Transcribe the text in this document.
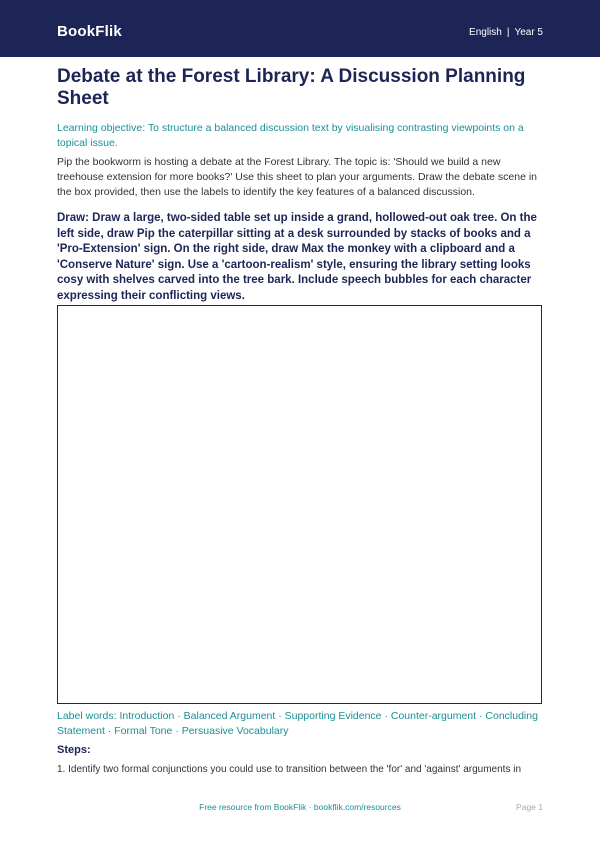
BookFlik	English | Year 5
Debate at the Forest Library: A Discussion Planning Sheet
Learning objective: To structure a balanced discussion text by visualising contrasting viewpoints on a topical issue.
Pip the bookworm is hosting a debate at the Forest Library. The topic is: 'Should we build a new treehouse extension for more books?' Use this sheet to plan your arguments. Draw the debate scene in the box provided, then use the labels to identify the key features of a balanced discussion.
Draw: Draw a large, two-sided table set up inside a grand, hollowed-out oak tree. On the left side, draw Pip the caterpillar sitting at a desk surrounded by stacks of books and a 'Pro-Extension' sign. On the right side, draw Max the monkey with a clipboard and a 'Conserve Nature' sign. Use a 'cartoon-realism' style, ensuring the library setting looks cosy with shelves carved into the tree bark. Include speech bubbles for each character expressing their conflicting views.
Label words: Introduction · Balanced Argument · Supporting Evidence · Counter-argument · Concluding Statement · Formal Tone · Persuasive Vocabulary
Steps:
1. Identify two formal conjunctions you could use to transition between the 'for' and 'against' arguments in
Free resource from BookFlik · bookflik.com/resources	Page 1
